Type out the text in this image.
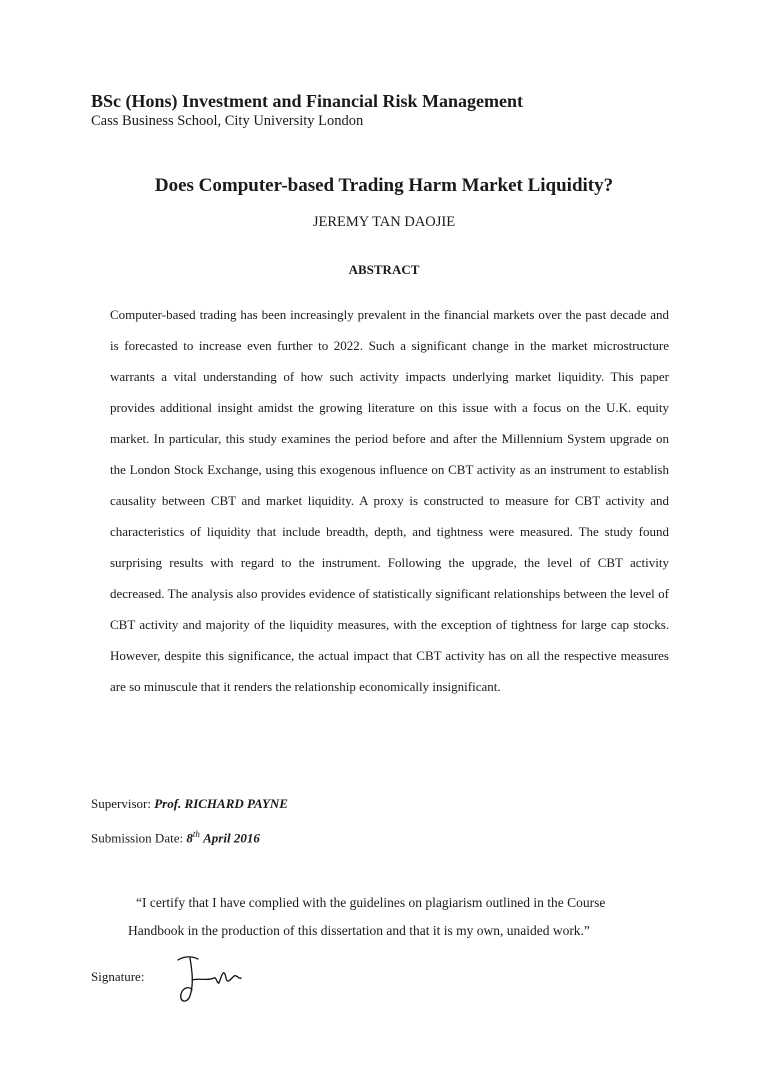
BSc (Hons) Investment and Financial Risk Management

Cass Business School, City University London

Does Computer-based Trading Harm Market Liquidity?

JEREMY TAN DAOJIE

ABSTRACT

Computer-based trading has been increasingly prevalent in the financial markets over the past decade and is forecasted to increase even further to 2022. Such a significant change in the market microstructure warrants a vital understanding of how such activity impacts underlying market liquidity. This paper provides additional insight amidst the growing literature on this issue with a focus on the U.K. equity market. In particular, this study examines the period before and after the Millennium System upgrade on the London Stock Exchange, using this exogenous influence on CBT activity as an instrument to establish causality between CBT and market liquidity. A proxy is constructed to measure for CBT activity and characteristics of liquidity that include breadth, depth, and tightness were measured. The study found surprising results with regard to the instrument. Following the upgrade, the level of CBT activity decreased. The analysis also provides evidence of statistically significant relationships between the level of CBT activity and majority of the liquidity measures, with the exception of tightness for large cap stocks. However, despite this significance, the actual impact that CBT activity has on all the respective measures are so minuscule that it renders the relationship economically insignificant.

Supervisor: Prof. RICHARD PAYNE

Submission Date: 8th April 2016

“I certify that I have complied with the guidelines on plagiarism outlined in the Course Handbook in the production of this dissertation and that it is my own, unaided work.”

Signature:
